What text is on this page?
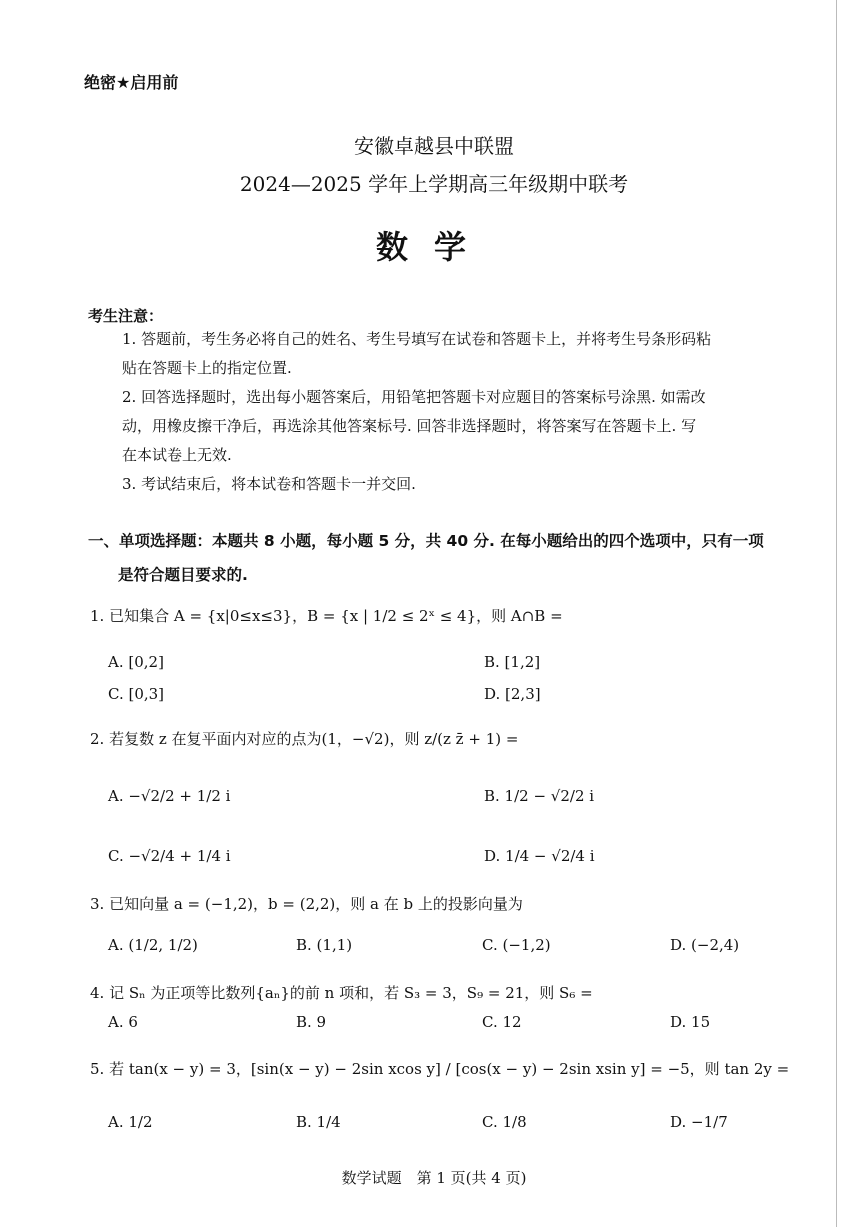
绝密★启用前
安徽卓越县中联盟
2024—2025 学年上学期高三年级期中联考
数学
考生注意：
1. 答题前，考生务必将自己的姓名、考生号填写在试卷和答题卡上，并将考生号条形码粘
贴在答题卡上的指定位置.
2. 回答选择题时，选出每小题答案后，用铅笔把答题卡对应题目的答案标号涂黑. 如需改
动，用橡皮擦干净后，再选涂其他答案标号. 回答非选择题时，将答案写在答题卡上. 写
在本试卷上无效.
3. 考试结束后，将本试卷和答题卡一并交回.
一、单项选择题：本题共 8 小题，每小题 5 分，共 40 分. 在每小题给出的四个选项中，只有一项
是符合题目要求的.
1. 已知集合 A = {x|0≤x≤3}，B = {x | 1/2 ≤ 2ˣ ≤ 4}，则 A∩B =
A. [0,2]	B. [1,2]
C. [0,3]	D. [2,3]
2. 若复数 z 在复平面内对应的点为(1，−√2)，则 z/(z z̄ + 1) =
A. −√2/2 + 1/2 i	B. 1/2 − √2/2 i
C. −√2/4 + 1/4 i	D. 1/4 − √2/4 i
3. 已知向量 a = (−1,2)，b = (2,2)，则 a 在 b 上的投影向量为
A. (1/2, 1/2)	B. (1,1)	C. (−1,2)	D. (−2,4)
4. 记 Sₙ 为正项等比数列{aₙ}的前 n 项和，若 S₃ = 3，S₉ = 21，则 S₆ =
A. 6	B. 9	C. 12	D. 15
5. 若 tan(x − y) = 3，[sin(x − y) − 2sin xcos y] / [cos(x − y) − 2sin xsin y] = −5，则 tan 2y =
A. 1/2	B. 1/4	C. 1/8	D. −1/7
数学试题　第 1 页(共 4 页)
